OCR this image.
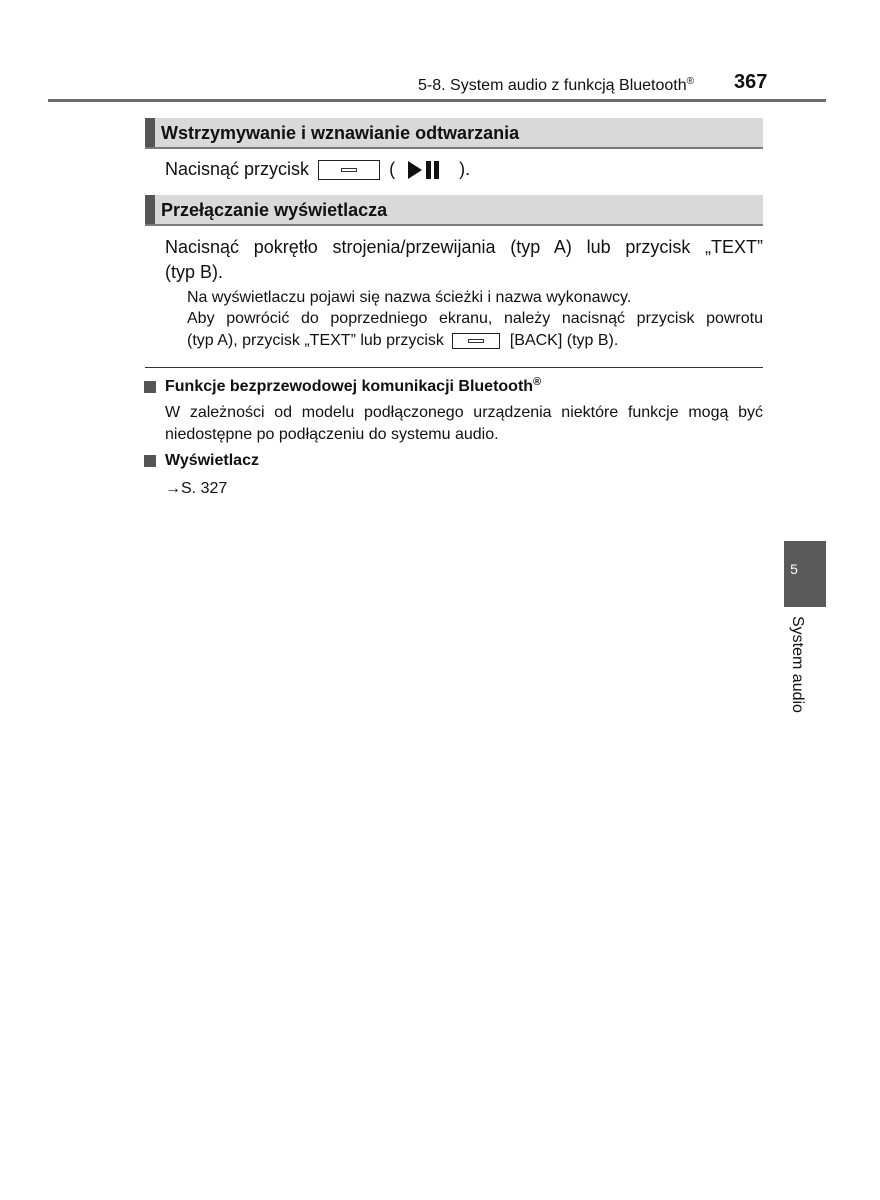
5-8. System audio z funkcją Bluetooth® 367
Wstrzymywanie i wznawianie odtwarzania
Nacisnąć przycisk	(	).
Przełączanie wyświetlacza
Nacisnąć pokrętło strojenia/przewijania (typ A) lub przycisk „TEXT”
(typ B).
Na wyświetlaczu pojawi się nazwa ścieżki i nazwa wykonawcy.
Aby powrócić do poprzedniego ekranu, należy nacisnąć przycisk powrotu
(typ A), przycisk „TEXT” lub przycisk	[BACK] (typ B).
Funkcje bezprzewodowej komunikacji Bluetooth®
W zależności od modelu podłączonego urządzenia niektóre funkcje mogą być
niedostępne po podłączeniu do systemu audio.
Wyświetlacz
→S. 327
5
System audio
